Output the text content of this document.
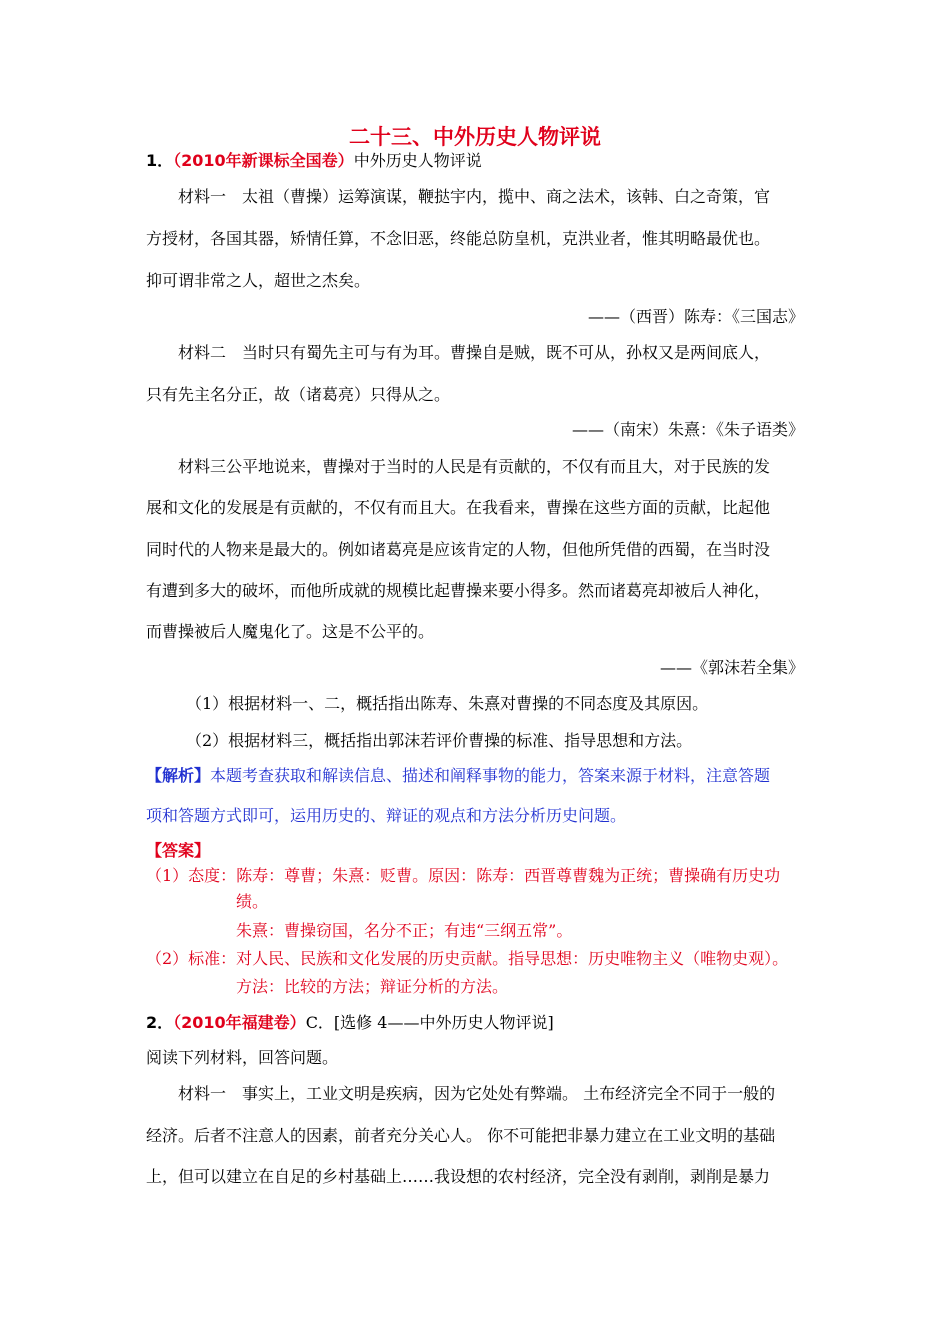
二十三、中外历史人物评说
1．（2010年新课标全国卷）中外历史人物评说
材料一　太祖（曹操）运筹演谋，鞭挞宇内，揽中、商之法术，该韩、白之奇策，官
方授材，各国其器，矫情任算，不念旧恶，终能总防皇机，克洪业者，惟其明略最优也。
抑可谓非常之人，超世之杰矣。
——（西晋）陈寿：《三国志》
材料二　当时只有蜀先主可与有为耳。曹操自是贼，既不可从，孙权又是两间底人，
只有先主名分正，故（诸葛亮）只得从之。
——（南宋）朱熹：《朱子语类》
材料三公平地说来，曹操对于当时的人民是有贡献的，不仅有而且大，对于民族的发
展和文化的发展是有贡献的，不仅有而且大。在我看来，曹操在这些方面的贡献，比起他
同时代的人物来是最大的。例如诸葛亮是应该肯定的人物，但他所凭借的西蜀，在当时没
有遭到多大的破坏，而他所成就的规模比起曹操来要小得多。然而诸葛亮却被后人神化，
而曹操被后人魔鬼化了。这是不公平的。
——《郭沫若全集》
（1）根据材料一、二，概括指出陈寿、朱熹对曹操的不同态度及其原因。
（2）根据材料三，概括指出郭沫若评价曹操的标准、指导思想和方法。
【解析】本题考查获取和解读信息、描述和阐释事物的能力，答案来源于材料，注意答题
项和答题方式即可，运用历史的、辩证的观点和方法分析历史问题。
【答案】
（1）态度：陈寿：尊曹；朱熹：贬曹。原因：陈寿：西晋尊曹魏为正统；曹操确有历史功
绩。
朱熹：曹操窃国，名分不正；有违“三纲五常”。
（2）标准：对人民、民族和文化发展的历史贡献。指导思想：历史唯物主义（唯物史观）。
方法：比较的方法；辩证分析的方法。
2．（2010年福建卷）C．[选修 4——中外历史人物评说]
阅读下列材料，回答问题。
材料一　事实上，工业文明是疾病，因为它处处有弊端。 土布经济完全不同于一般的
经济。后者不注意人的因素，前者充分关心人。 你不可能把非暴力建立在工业文明的基础
上，但可以建立在自足的乡村基础上……我设想的农村经济，完全没有剥削，剥削是暴力
